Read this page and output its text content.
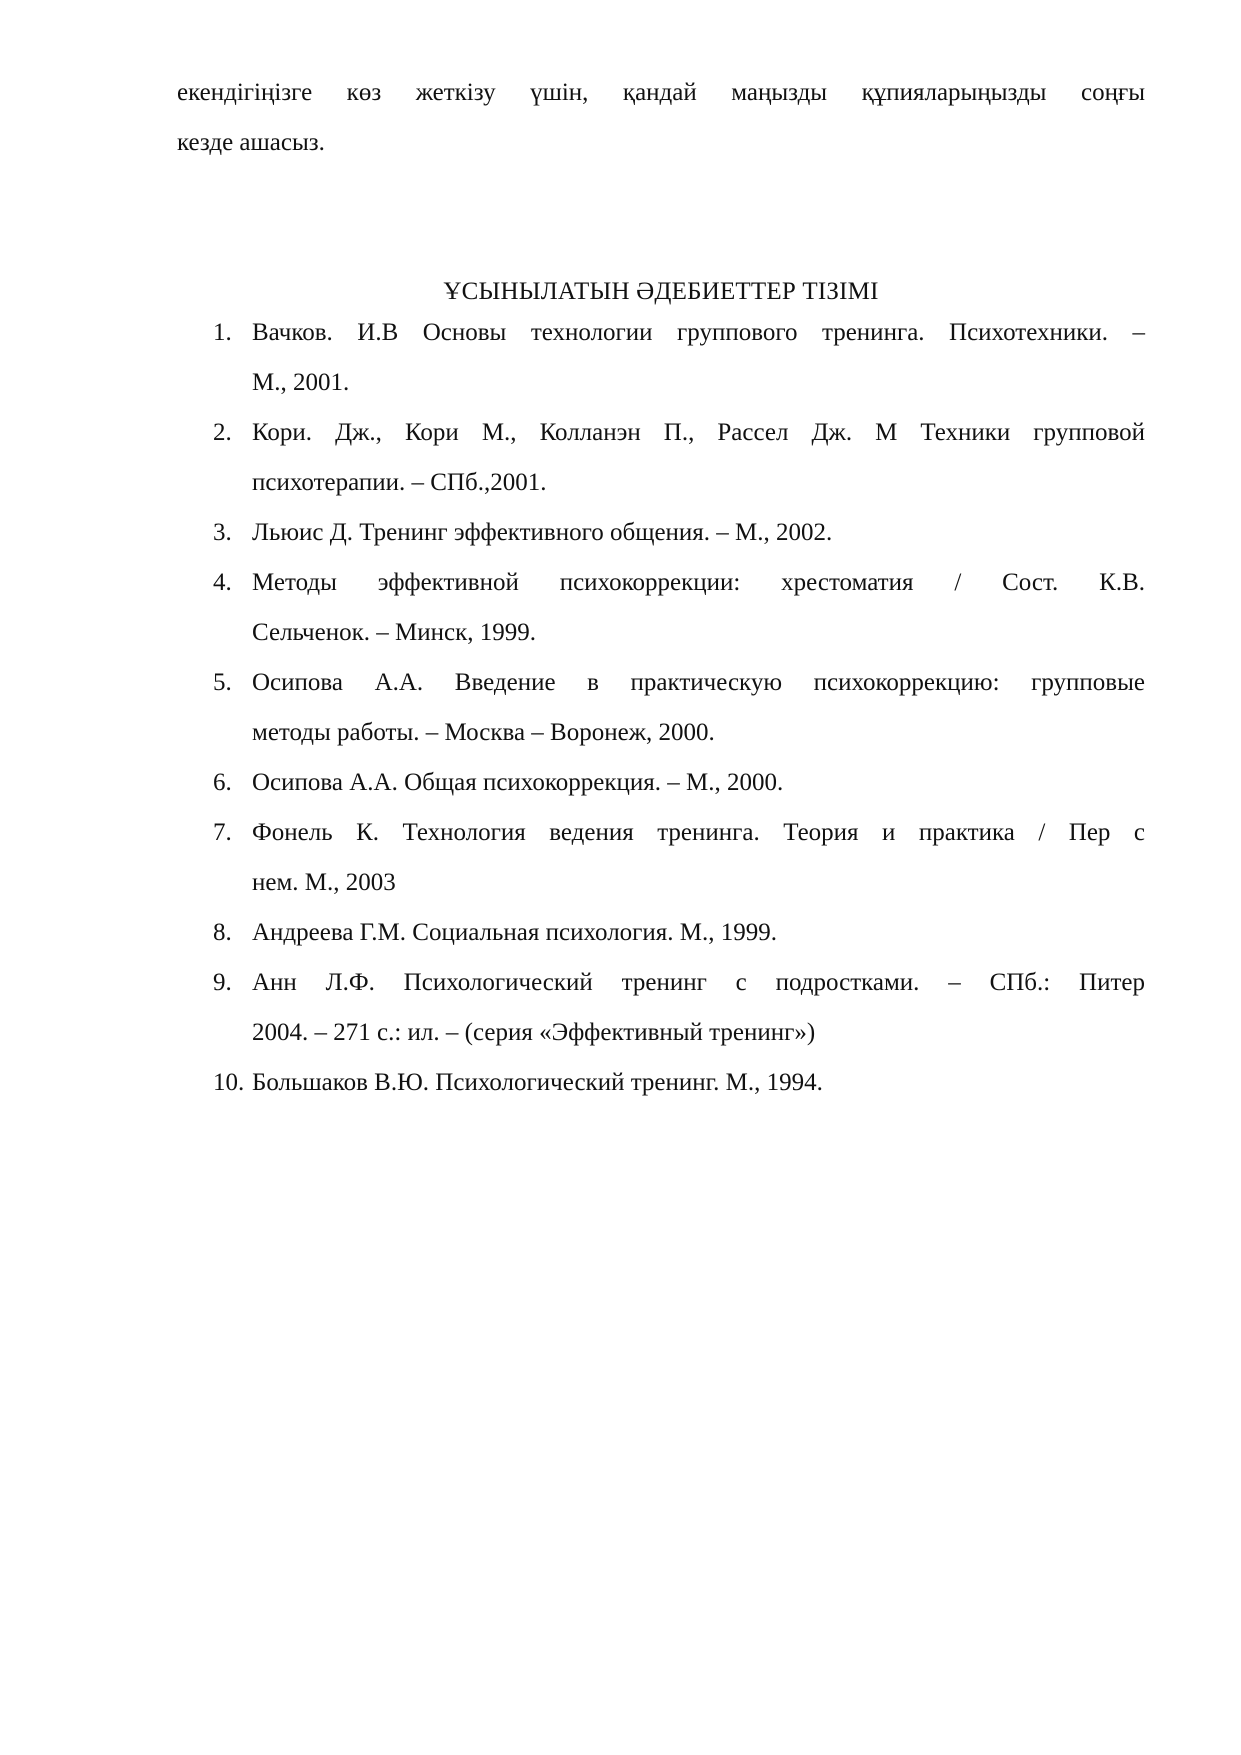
екендігіңізге көз жеткізу үшін, қандай маңызды құпияларыңызды соңғы
кезде ашасыз.

ҰСЫНЫЛАТЫН ӘДЕБИЕТТЕР ТІЗІМІ
1. Вачков. И.В Основы технологии группового тренинга. Психотехники. –
М., 2001.
2. Кори. Дж., Кори М., Колланэн П., Рассел Дж. М Техники групповой
психотерапии. – СПб.,2001.
3. Льюис Д. Тренинг эффективного общения. – М., 2002.
4. Методы эффективной психокоррекции: хрестоматия / Сост. К.В.
Сельченок. – Минск, 1999.
5. Осипова А.А. Введение в практическую психокоррекцию: групповые
методы работы. – Москва – Воронеж, 2000.
6. Осипова А.А. Общая психокоррекция. – М., 2000.
7. Фонель К. Технология ведения тренинга. Теория и практика / Пер с
нем. М., 2003
8. Андреева Г.М. Социальная психология. М., 1999.
9. Анн Л.Ф. Психологический тренинг с подростками. – СПб.: Питер
2004. – 271 с.: ил. – (серия «Эффективный тренинг»)
10. Большаков В.Ю. Психологический тренинг. М., 1994.
